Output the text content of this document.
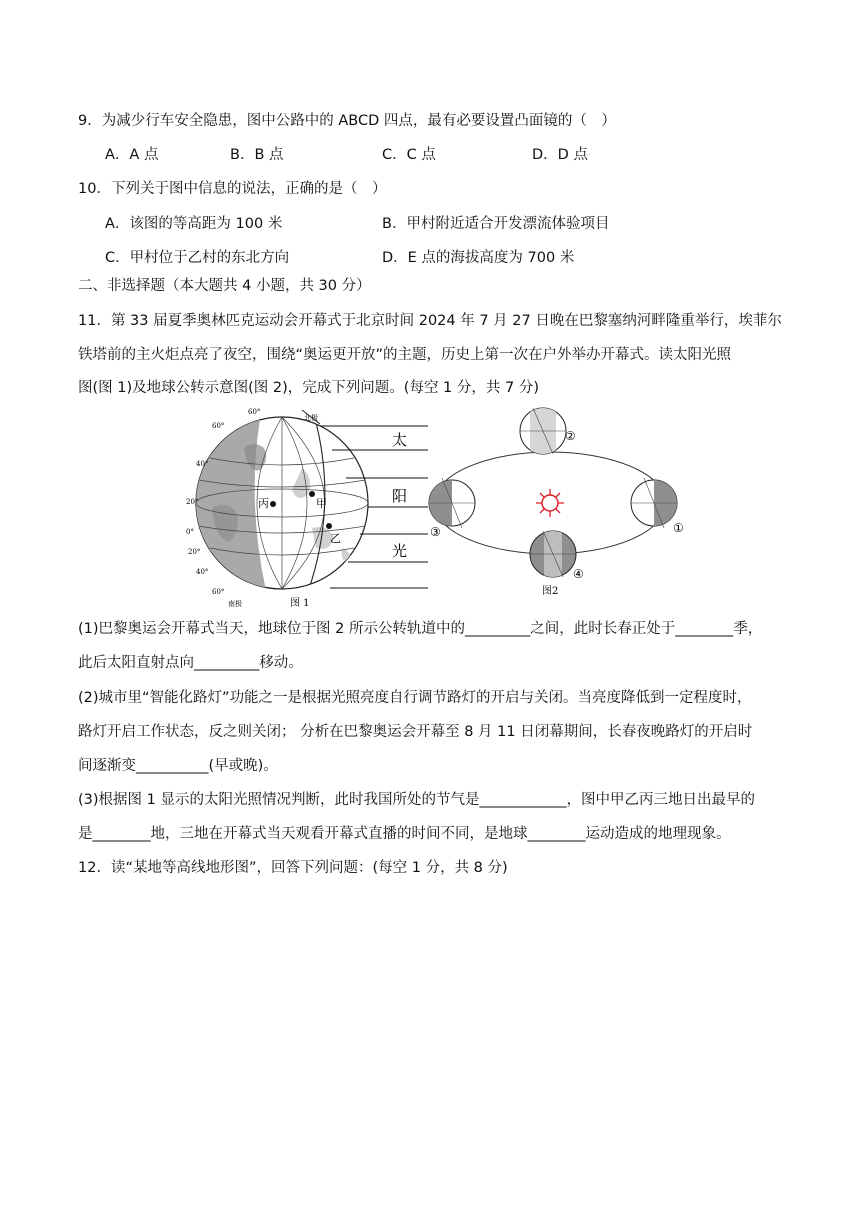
9．为减少行车安全隐患，图中公路中的 ABCD 四点，最有必要设置凸面镜的（　）
A．A 点	B．B 点	C．C 点	D．D 点
10．下列关于图中信息的说法，正确的是（　）
A．该图的等高距为 100 米	B．甲村附近适合开发漂流体验项目
C．甲村位于乙村的东北方向	D．E 点的海拔高度为 700 米
二、非选择题（本大题共 4 小题，共 30 分）
11．第 33 届夏季奥林匹克运动会开幕式于北京时间 2024 年 7 月 27 日晚在巴黎塞纳河畔隆重举行，埃菲尔
铁塔前的主火炬点亮了夜空，围绕“奥运更开放”的主题，历史上第一次在户外举办开幕式。读太阳光照
图(图 1)及地球公转示意图(图 2)，完成下列问题。(每空 1 分，共 7 分)
丙	甲
乙
60°
北极
60°
40°
20°
0°
20°
40°
60°
南极	图 1
太
阳
光
①
②
③
④
图2
(1)巴黎奥运会开幕式当天，地球位于图 2 所示公转轨道中的_________之间，此时长春正处于________季，
此后太阳直射点向_________移动。
(2)城市里“智能化路灯”功能之一是根据光照亮度自行调节路灯的开启与关闭。当亮度降低到一定程度时，
路灯开启工作状态，反之则关闭； 分析在巴黎奥运会开幕至 8 月 11 日闭幕期间，长春夜晚路灯的开启时
间逐渐变__________(早或晚)。
(3)根据图 1 显示的太阳光照情况判断，此时我国所处的节气是____________，图中甲乙丙三地日出最早的
是________地，三地在开幕式当天观看开幕式直播的时间不同，是地球________运动造成的地理现象。
12．读“某地等高线地形图”，回答下列问题：(每空 1 分，共 8 分)
